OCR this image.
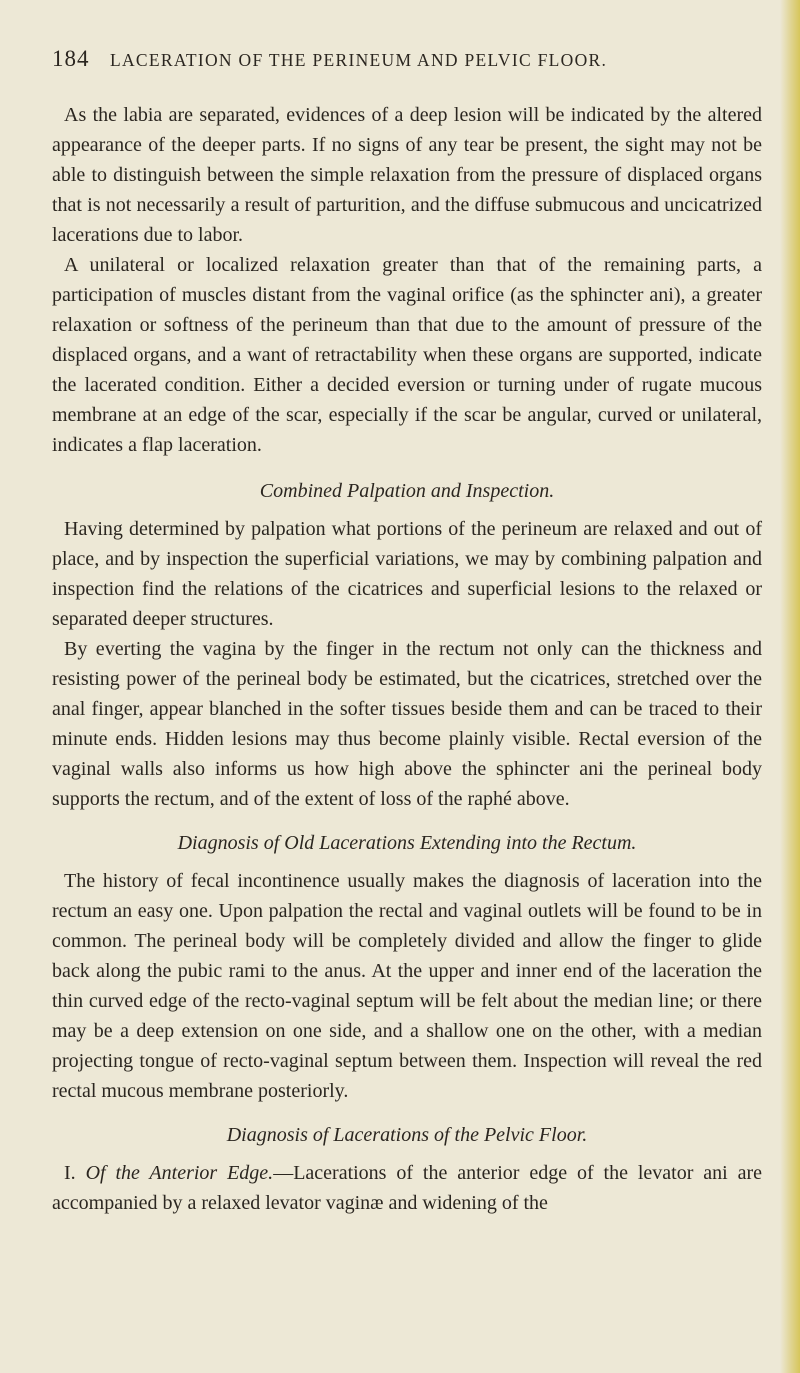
184	LACERATION OF THE PERINEUM AND PELVIC FLOOR.

As the labia are separated, evidences of a deep lesion will be indicated by the altered appearance of the deeper parts. If no signs of any tear be present, the sight may not be able to distinguish between the simple relaxation from the pressure of displaced organs that is not necessarily a result of parturition, and the diffuse submucous and uncicatrized lacerations due to labor.

A unilateral or localized relaxation greater than that of the remaining parts, a participation of muscles distant from the vaginal orifice (as the sphincter ani), a greater relaxation or softness of the perineum than that due to the amount of pressure of the displaced organs, and a want of retractability when these organs are supported, indicate the lacerated condition. Either a decided eversion or turning under of rugate mucous membrane at an edge of the scar, especially if the scar be angular, curved or unilateral, indicates a flap laceration.

Combined Palpation and Inspection.

Having determined by palpation what portions of the perineum are relaxed and out of place, and by inspection the superficial variations, we may by combining palpation and inspection find the relations of the cicatrices and superficial lesions to the relaxed or separated deeper structures.

By everting the vagina by the finger in the rectum not only can the thickness and resisting power of the perineal body be estimated, but the cicatrices, stretched over the anal finger, appear blanched in the softer tissues beside them and can be traced to their minute ends. Hidden lesions may thus become plainly visible. Rectal eversion of the vaginal walls also informs us how high above the sphincter ani the perineal body supports the rectum, and of the extent of loss of the raphé above.

Diagnosis of Old Lacerations Extending into the Rectum.

The history of fecal incontinence usually makes the diagnosis of laceration into the rectum an easy one. Upon palpation the rectal and vaginal outlets will be found to be in common. The perineal body will be completely divided and allow the finger to glide back along the pubic rami to the anus. At the upper and inner end of the laceration the thin curved edge of the recto-vaginal septum will be felt about the median line; or there may be a deep extension on one side, and a shallow one on the other, with a median projecting tongue of recto-vaginal septum between them. Inspection will reveal the red rectal mucous membrane posteriorly.

Diagnosis of Lacerations of the Pelvic Floor.

I. Of the Anterior Edge.—Lacerations of the anterior edge of the levator ani are accompanied by a relaxed levator vaginæ and widening of the
